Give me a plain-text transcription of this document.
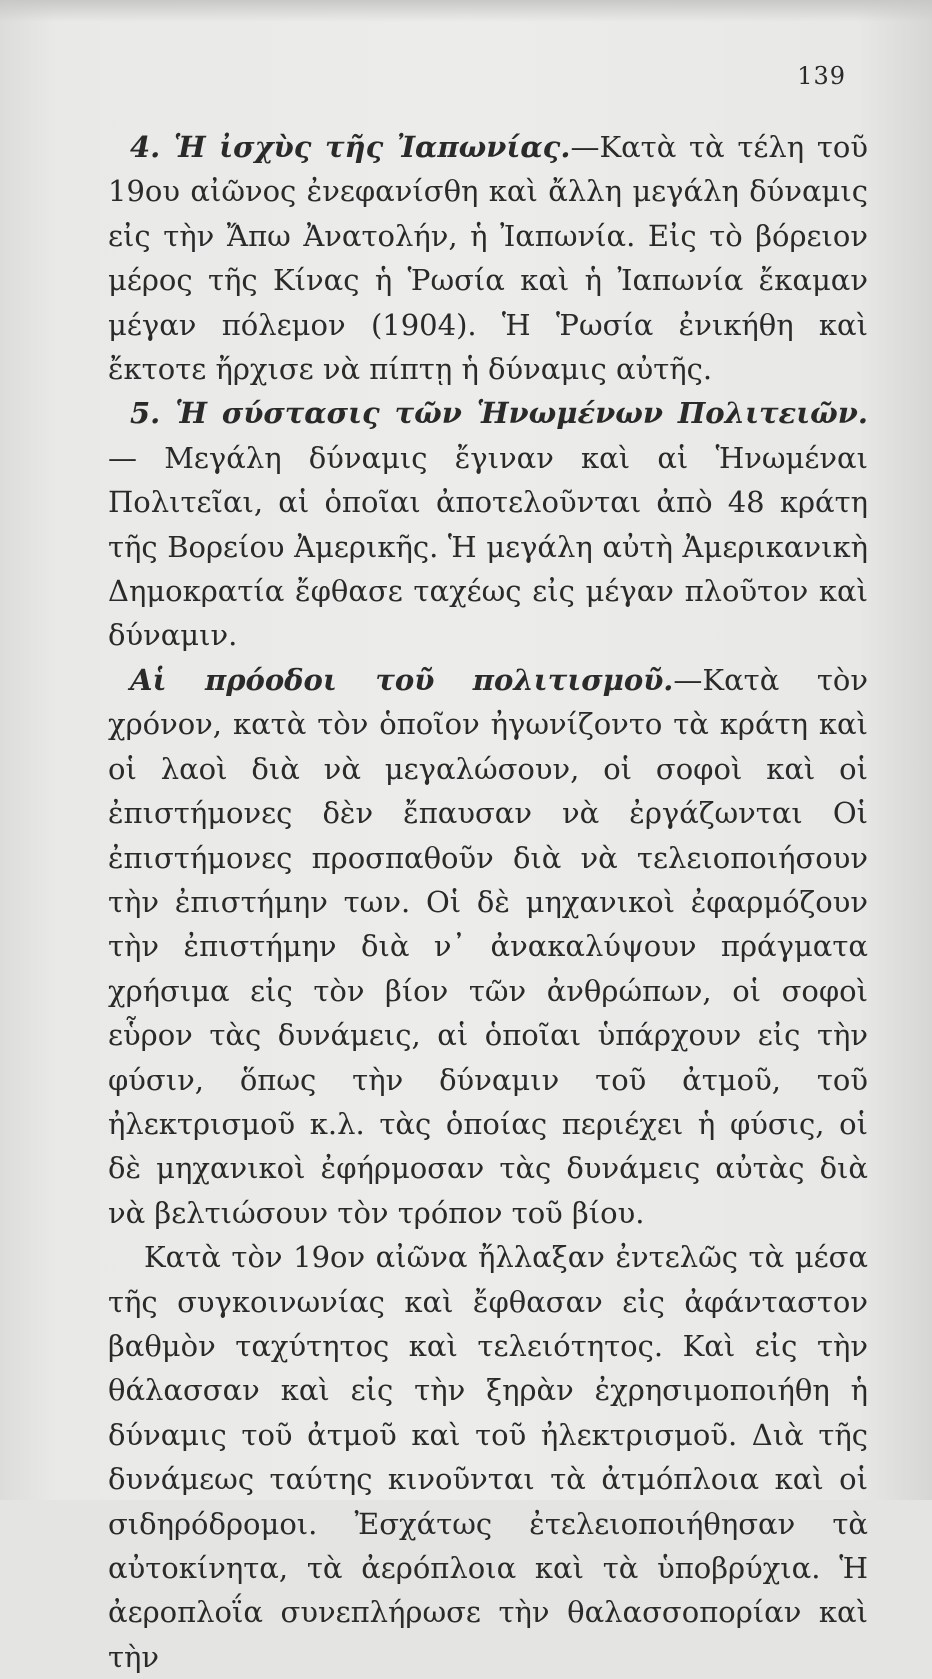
139

4. Ἡ ἰσχὺς τῆς Ἰαπωνίας.—Κατὰ τὰ τέλη τοῦ 19ου αἰῶνος ἐνεφανίσθη καὶ ἄλλη μεγάλη δύναμις εἰς τὴν Ἄπω Ἀνατολήν, ἡ Ἰαπωνία. Εἰς τὸ βόρειον μέρος τῆς Κίνας ἡ Ῥωσία καὶ ἡ Ἰαπωνία ἔκαμαν μέγαν πόλεμον (1904). Ἡ Ῥωσία ἐνικήθη καὶ ἔκτοτε ἤρχισε νὰ πίπτῃ ἡ δύναμις αὐτῆς.

5. Ἡ σύστασις τῶν Ἡνωμένων Πολιτειῶν.— Μεγάλη δύναμις ἔγιναν καὶ αἱ Ἡνωμέναι Πολιτεῖαι, αἱ ὁποῖαι ἀποτελοῦνται ἀπὸ 48 κράτη τῆς Βορείου Ἀμερικῆς. Ἡ μεγάλη αὐτὴ Ἀμερικανικὴ Δημοκρατία ἔφθασε ταχέως εἰς μέγαν πλοῦτον καὶ δύναμιν.

Αἱ πρόοδοι τοῦ πολιτισμοῦ.—Κατὰ τὸν χρόνον, κατὰ τὸν ὁποῖον ἠγωνίζοντο τὰ κράτη καὶ οἱ λαοὶ διὰ νὰ μεγαλώσουν, οἱ σοφοὶ καὶ οἱ ἐπιστήμονες δὲν ἔπαυσαν νὰ ἐργάζωνται Οἱ ἐπιστήμονες προσπαθοῦν διὰ νὰ τελειοποιήσουν τὴν ἐπιστήμην των. Οἱ δὲ μηχανικοὶ ἐφαρμόζουν τὴν ἐπιστήμην διὰ ν᾽ ἀνακαλύψουν πράγματα χρήσιμα εἰς τὸν βίον τῶν ἀνθρώπων, οἱ σοφοὶ εὗρον τὰς δυνάμεις, αἱ ὁποῖαι ὑπάρχουν εἰς τὴν φύσιν, ὅπως τὴν δύναμιν τοῦ ἀτμοῦ, τοῦ ἠλεκτρισμοῦ κ.λ. τὰς ὁποίας περιέχει ἡ φύσις, οἱ δὲ μηχανικοὶ ἐφήρμοσαν τὰς δυνάμεις αὐτὰς διὰ νὰ βελτιώσουν τὸν τρόπον τοῦ βίου.

Κατὰ τὸν 19ον αἰῶνα ἤλλαξαν ἐντελῶς τὰ μέσα τῆς συγκοινωνίας καὶ ἔφθασαν εἰς ἀφάνταστον βαθμὸν ταχύτητος καὶ τελειότητος. Καὶ εἰς τὴν θάλασσαν καὶ εἰς τὴν ξηρὰν ἐχρησιμοποιήθη ἡ δύναμις τοῦ ἀτμοῦ καὶ τοῦ ἠλεκτρισμοῦ. Διὰ τῆς δυνάμεως ταύτης κινοῦνται τὰ ἀτμόπλοια καὶ οἱ σιδηρόδρομοι. Ἐσχάτως ἐτελειοποιήθησαν τὰ αὐτοκίνητα, τὰ ἀερόπλοια καὶ τὰ ὑποβρύχια. Ἡ ἀεροπλοΐα συνεπλήρωσε τὴν θαλασσοπορίαν καὶ τὴν
